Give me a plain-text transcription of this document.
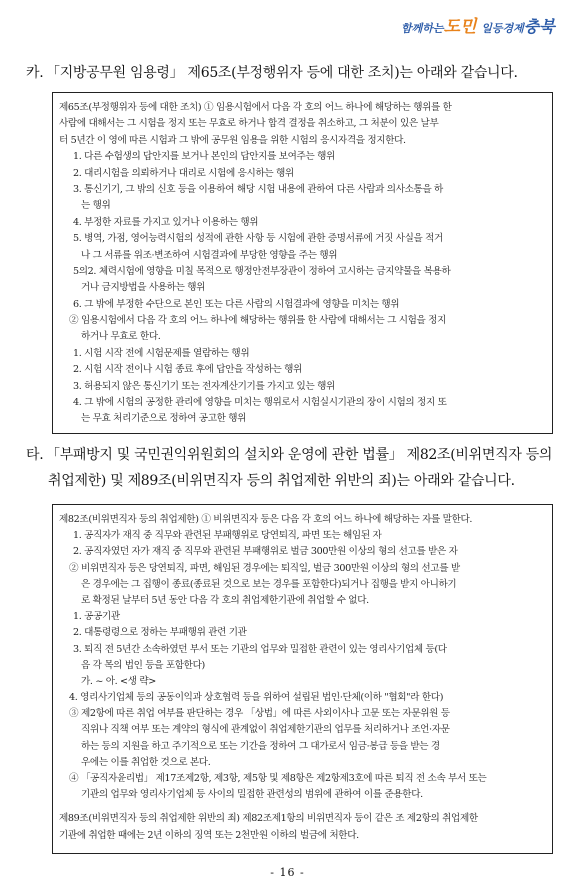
함께하는도민 일등경제충북
카. 「지방공무원 임용령」 제65조(부정행위자 등에 대한 조치)는 아래와 같습니다.
제65조(부정행위자 등에 대한 조치) ① 임용시험에서 다음 각 호의 어느 하나에 해당하는 행위를 한
사람에 대해서는 그 시험을 정지 또는 무효로 하거나 합격 결정을 취소하고, 그 처분이 있은 날부
터 5년간 이 영에 따른 시험과 그 밖에 공무원 임용을 위한 시험의 응시자격을 정지한다.
1. 다른 수험생의 답안지를 보거나 본인의 답안지를 보여주는 행위
2. 대리시험을 의뢰하거나 대리로 시험에 응시하는 행위
3. 통신기기, 그 밖의 신호 등을 이용하여 해당 시험 내용에 관하여 다른 사람과 의사소통을 하
는 행위
4. 부정한 자료를 가지고 있거나 이용하는 행위
5. 병역, 가점, 영어능력시험의 성적에 관한 사항 등 시험에 관한 증명서류에 거짓 사실을 적거
나 그 서류를 위조·변조하여 시험결과에 부당한 영향을 주는 행위
5의2. 체력시험에 영향을 미칠 목적으로 행정안전부장관이 정하여 고시하는 금지약물을 복용하
거나 금지방법을 사용하는 행위
6. 그 밖에 부정한 수단으로 본인 또는 다른 사람의 시험결과에 영향을 미치는 행위
② 임용시험에서 다음 각 호의 어느 하나에 해당하는 행위를 한 사람에 대해서는 그 시험을 정지
하거나 무효로 한다.
1. 시험 시작 전에 시험문제를 열람하는 행위
2. 시험 시작 전이나 시험 종료 후에 답안을 작성하는 행위
3. 허용되지 않은 통신기기 또는 전자계산기기를 가지고 있는 행위
4. 그 밖에 시험의 공정한 관리에 영향을 미치는 행위로서 시험실시기관의 장이 시험의 정지 또
는 무효 처리기준으로 정하여 공고한 행위
타. 「부패방지 및 국민권익위원회의 설치와 운영에 관한 법률」 제82조(비위면직자 등의
취업제한) 및 제89조(비위면직자 등의 취업제한 위반의 죄)는 아래와 같습니다.
제82조(비위면직자 등의 취업제한) ① 비위면직자 등은 다음 각 호의 어느 하나에 해당하는 자를 말한다.
1. 공직자가 재직 중 직무와 관련된 부패행위로 당연퇴직, 파면 또는 해임된 자
2. 공직자였던 자가 재직 중 직무와 관련된 부패행위로 벌금 300만원 이상의 형의 선고를 받은 자
② 비위면직자 등은 당연퇴직, 파면, 해임된 경우에는 퇴직일, 벌금 300만원 이상의 형의 선고를 받
은 경우에는 그 집행이 종료(종료된 것으로 보는 경우를 포함한다)되거나 집행을 받지 아니하기
로 확정된 날부터 5년 동안 다음 각 호의 취업제한기관에 취업할 수 없다.
1. 공공기관
2. 대통령령으로 정하는 부패행위 관련 기관
3. 퇴직 전 5년간 소속하였던 부서 또는 기관의 업무와 밀접한 관련이 있는 영리사기업체 등(다
음 각 목의 법인 등을 포함한다)
가. ~ 아. <생 략>
4. 영리사기업체 등의 공동이익과 상호협력 등을 위하여 설립된 법인·단체(이하 "협회"라 한다)
③ 제2항에 따른 취업 여부를 판단하는 경우 「상법」에 따른 사외이사나 고문 또는 자문위원 등
직위나 직책 여부 또는 계약의 형식에 관계없이 취업제한기관의 업무를 처리하거나 조언·자문
하는 등의 지원을 하고 주기적으로 또는 기간을 정하여 그 대가로서 임금·봉급 등을 받는 경
우에는 이를 취업한 것으로 본다.
④ 「공직자윤리법」 제17조제2항, 제3항, 제5항 및 제8항은 제2항제3호에 따른 퇴직 전 소속 부서 또는
기관의 업무와 영리사기업체 등 사이의 밀접한 관련성의 범위에 관하여 이를 준용한다.
제89조(비위면직자 등의 취업제한 위반의 죄) 제82조제1항의 비위면직자 등이 같은 조 제2항의 취업제한
기관에 취업한 때에는 2년 이하의 징역 또는 2천만원 이하의 벌금에 처한다.
- 16 -
